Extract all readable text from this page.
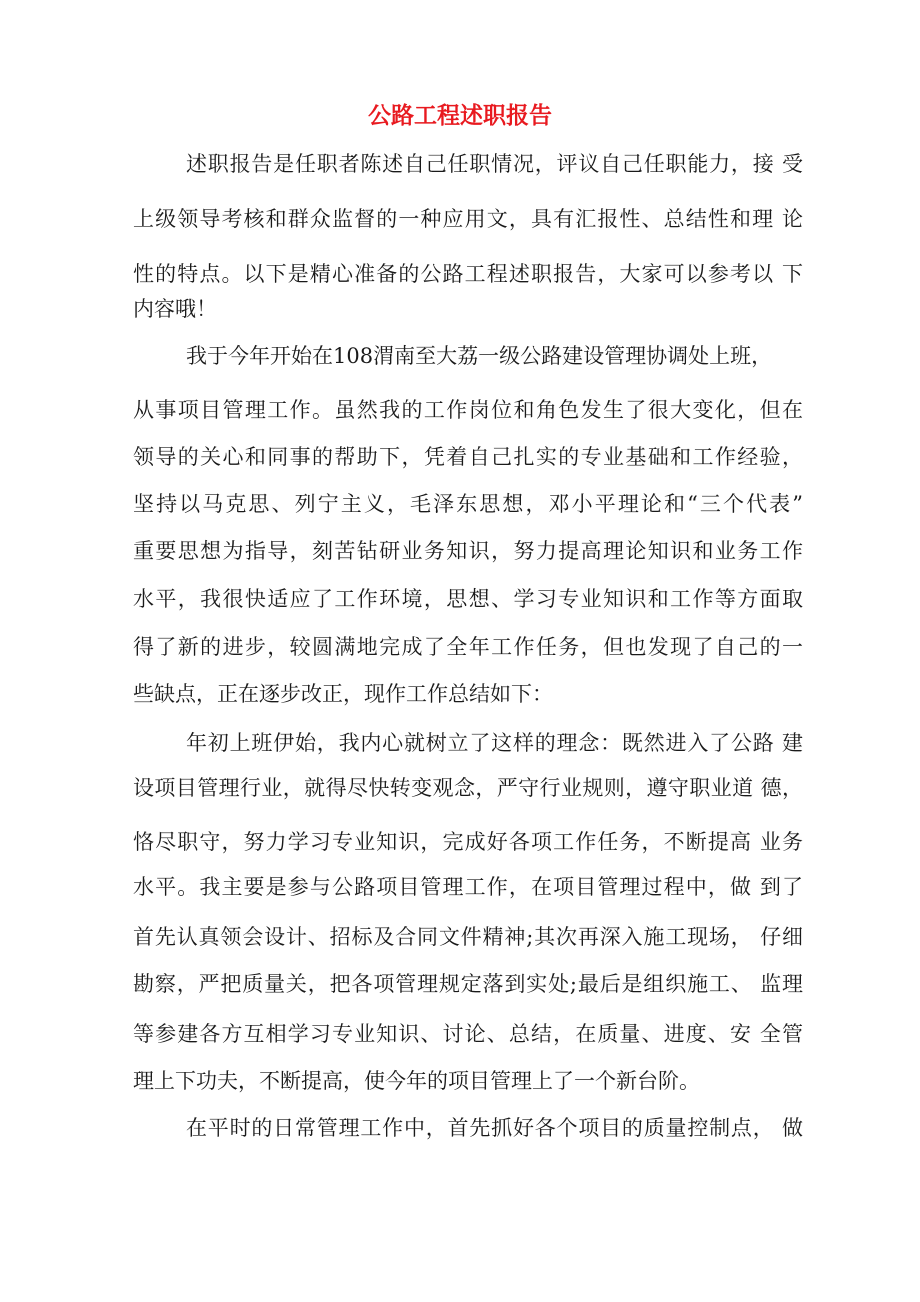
公路工程述职报告

述职报告是任职者陈述自己任职情况，评议自己任职能力，接 受

上级领导考核和群众监督的一种应用文，具有汇报性、总结性和理 论

性的特点。以下是精心准备的公路工程述职报告，大家可以参考以 下

内容哦！

我于今年开始在108渭南至大荔一级公路建设管理协调处上班，

从事项目管理工作。虽然我的工作岗位和角色发生了很大变化，但在

领导的关心和同事的帮助下，凭着自己扎实的专业基础和工作经验，

坚持以马克思、列宁主义，毛泽东思想，邓小平理论和“三个代表”

重要思想为指导，刻苦钻研业务知识，努力提高理论知识和业务工作

水平，我很快适应了工作环境，思想、学习专业知识和工作等方面取

得了新的进步，较圆满地完成了全年工作任务，但也发现了自己的一

些缺点，正在逐步改正，现作工作总结如下：

年初上班伊始，我内心就树立了这样的理念：既然进入了公路 建

设项目管理行业，就得尽快转变观念，严守行业规则，遵守职业道 德，

恪尽职守，努力学习专业知识，完成好各项工作任务，不断提高 业务

水平。我主要是参与公路项目管理工作，在项目管理过程中，做 到了

首先认真领会设计、招标及合同文件精神;其次再深入施工现场， 仔细

勘察，严把质量关，把各项管理规定落到实处;最后是组织施工、 监理

等参建各方互相学习专业知识、讨论、总结，在质量、进度、安 全管

理上下功夫，不断提高，使今年的项目管理上了一个新台阶。

在平时的日常管理工作中，首先抓好各个项目的质量控制点， 做
